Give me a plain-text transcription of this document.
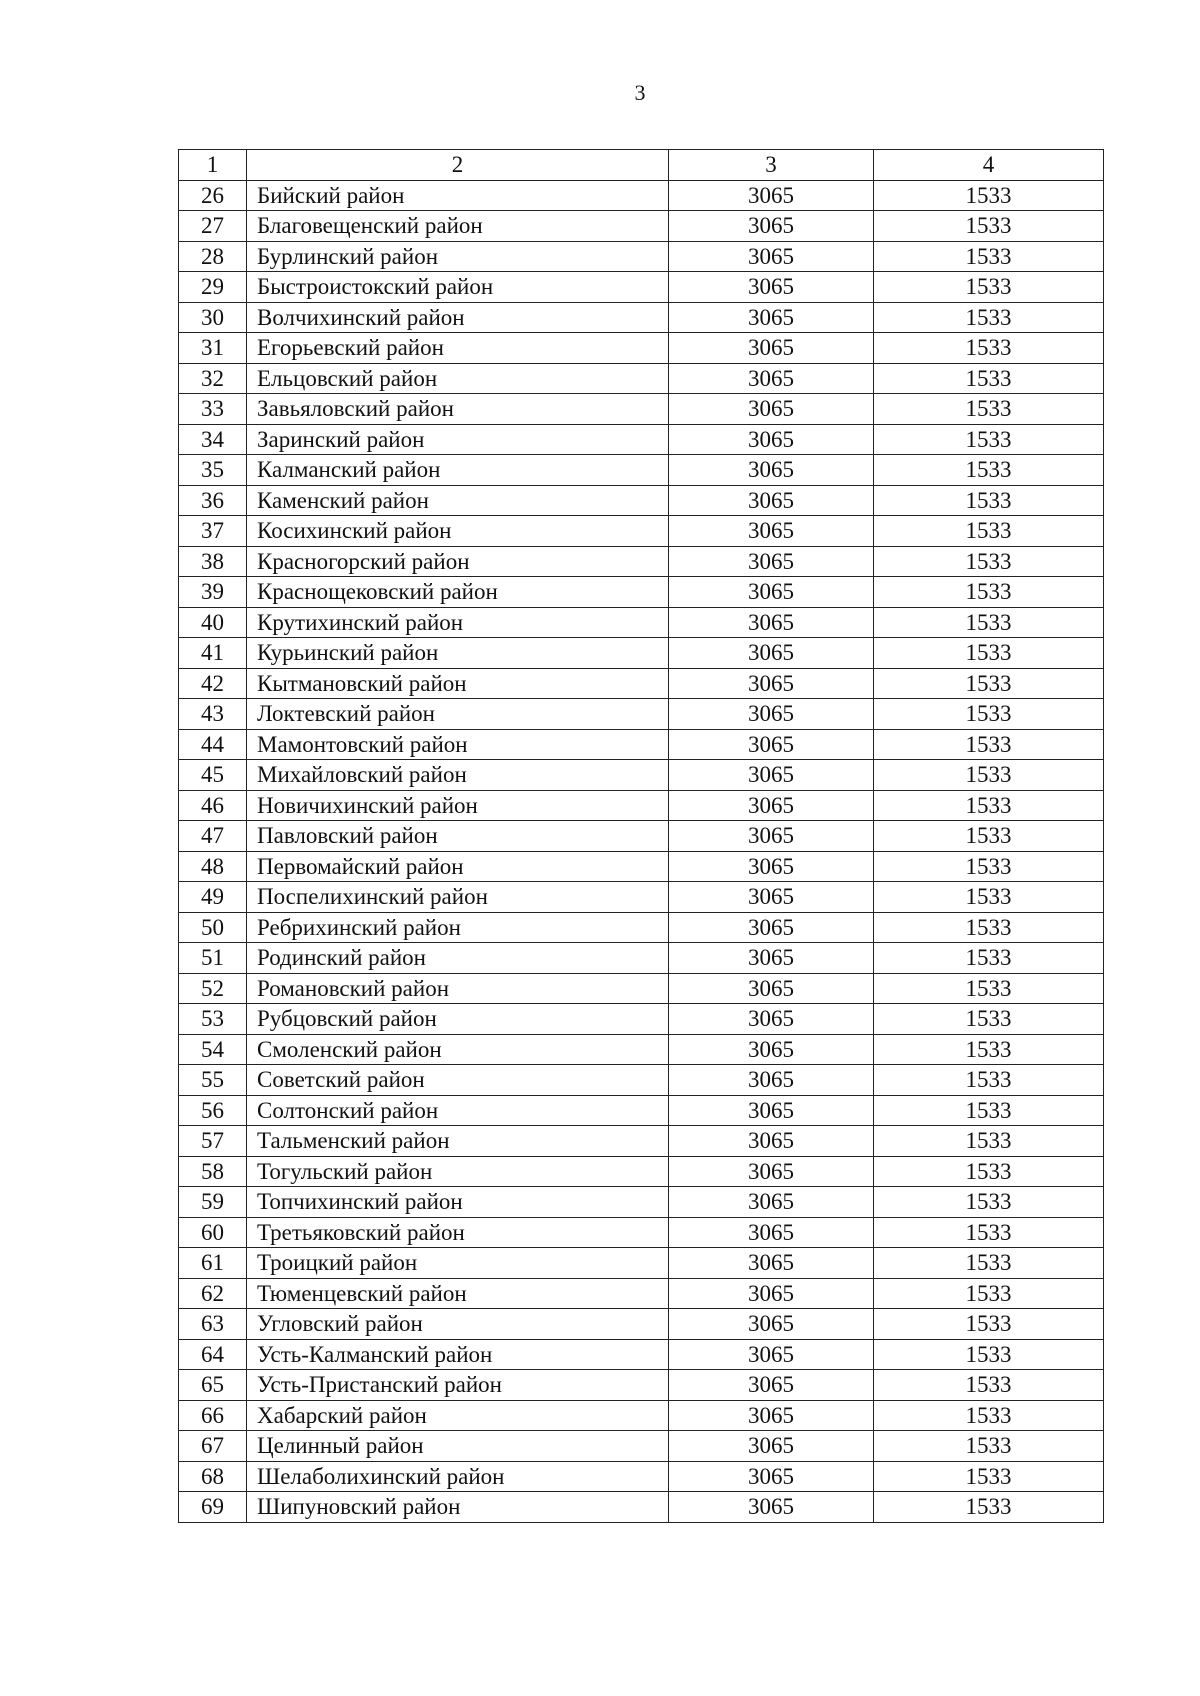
3
1	2	3	4
26	Бийский район	3065	1533
27	Благовещенский район	3065	1533
28	Бурлинский район	3065	1533
29	Быстроистокский район	3065	1533
30	Волчихинский район	3065	1533
31	Егорьевский район	3065	1533
32	Ельцовский район	3065	1533
33	Завьяловский район	3065	1533
34	Заринский район	3065	1533
35	Калманский район	3065	1533
36	Каменский район	3065	1533
37	Косихинский район	3065	1533
38	Красногорский район	3065	1533
39	Краснощековский район	3065	1533
40	Крутихинский район	3065	1533
41	Курьинский район	3065	1533
42	Кытмановский район	3065	1533
43	Локтевский район	3065	1533
44	Мамонтовский район	3065	1533
45	Михайловский район	3065	1533
46	Новичихинский район	3065	1533
47	Павловский район	3065	1533
48	Первомайский район	3065	1533
49	Поспелихинский район	3065	1533
50	Ребрихинский район	3065	1533
51	Родинский район	3065	1533
52	Романовский район	3065	1533
53	Рубцовский район	3065	1533
54	Смоленский район	3065	1533
55	Советский район	3065	1533
56	Солтонский район	3065	1533
57	Тальменский район	3065	1533
58	Тогульский район	3065	1533
59	Топчихинский район	3065	1533
60	Третьяковский район	3065	1533
61	Троицкий район	3065	1533
62	Тюменцевский район	3065	1533
63	Угловский район	3065	1533
64	Усть-Калманский район	3065	1533
65	Усть-Пристанский район	3065	1533
66	Хабарский район	3065	1533
67	Целинный район	3065	1533
68	Шелаболихинский район	3065	1533
69	Шипуновский район	3065	1533
